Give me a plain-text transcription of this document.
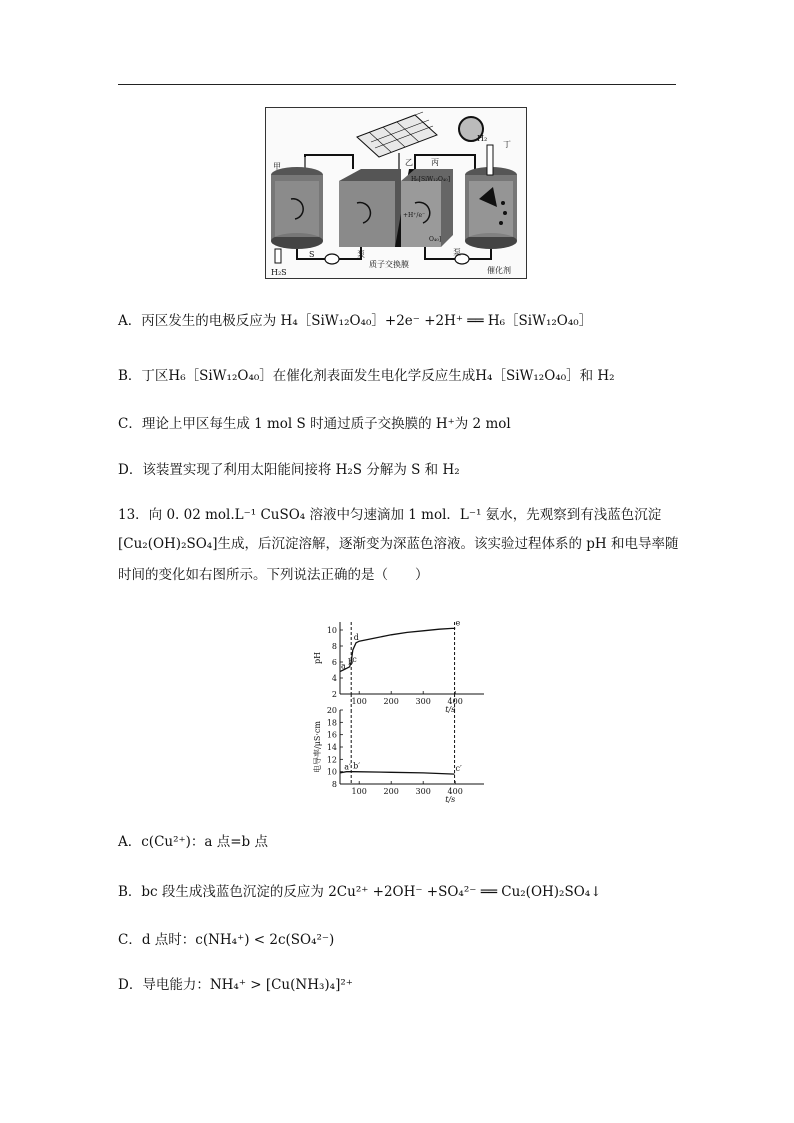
甲	乙 丙
丁
H₂
H₆[SiW₁₂O₄₀]
+H⁺/e⁻
O₄₀]
H₂S
S	泵
质子交换膜
泵
催化剂
A．丙区发生的电极反应为 H₄［SiW₁₂O₄₀］+2e⁻ +2H⁺ ══ H₆［SiW₁₂O₄₀］
B．丁区H₆［SiW₁₂O₄₀］在催化剂表面发生电化学反应生成H₄［SiW₁₂O₄₀］和 H₂
C．理论上甲区每生成 1 mol S 时通过质子交换膜的 H⁺为 2 mol
D．该装置实现了利用太阳能间接将 H₂S 分解为 S 和 H₂
13．向 0. 02 mol.L⁻¹ CuSO₄ 溶液中匀速滴加 1 mol．L⁻¹ 氨水，先观察到有浅蓝色沉淀
[Cu₂(OH)₂SO₄]生成，后沉淀溶解，逐渐变为深蓝色溶液。该实验过程体系的 pH 和电导率随
时间的变化如右图所示。下列说法正确的是（　　）
2
4
6
8
10
100 200 300 400
t/s
pH
a b c
d
e
8
10
12
14
16
18
20
100 200 300 400
t/s
电导率/μS·cm	a′ b′	c′
A．c(Cu²⁺)：a 点=b 点
B．bc 段生成浅蓝色沉淀的反应为 2Cu²⁺ +2OH⁻ +SO₄²⁻ ══ Cu₂(OH)₂SO₄↓
C．d 点时：c(NH₄⁺) < 2c(SO₄²⁻)
D．导电能力：NH₄⁺ > [Cu(NH₃)₄]²⁺
